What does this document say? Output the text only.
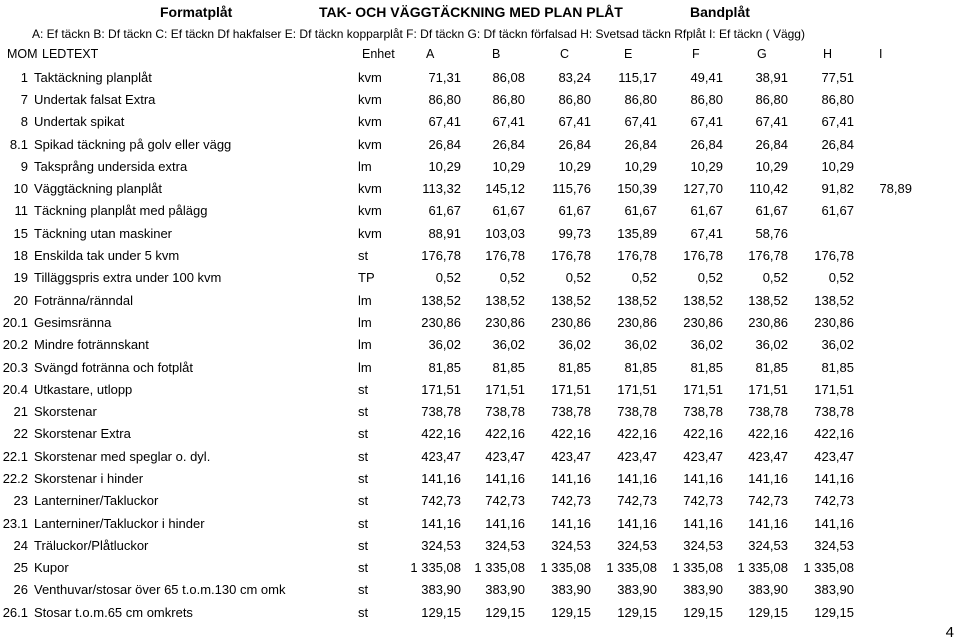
Formatplåt	TAK- OCH VÄGGTÄCKNING MED PLAN PLÅT	Bandplåt
A: Ef täckn B: Df täckn C: Ef täckn Df hakfalser E: Df täckn kopparplåt F: Df täckn G: Df täckn förfalsad H: Svetsad täckn Rfplåt I: Ef täckn ( Vägg)
MOM LEDTEXT	Enhet	A	B	C	E	F	G	H	I
1	Taktäckning planplåt	kvm	71,31	86,08	83,24	115,17	49,41	38,91	77,51		
7	Undertak falsat Extra	kvm	86,80	86,80	86,80	86,80	86,80	86,80	86,80		
8	Undertak spikat	kvm	67,41	67,41	67,41	67,41	67,41	67,41	67,41		
8.1	Spikad täckning på golv eller vägg	kvm	26,84	26,84	26,84	26,84	26,84	26,84	26,84		
9	Taksprång undersida extra	lm	10,29	10,29	10,29	10,29	10,29	10,29	10,29		
10	Väggtäckning planplåt	kvm	113,32	145,12	115,76	150,39	127,70	110,42	91,82	78,89	
11	Täckning planplåt med pålägg	kvm	61,67	61,67	61,67	61,67	61,67	61,67	61,67		
15	Täckning utan maskiner	kvm	88,91	103,03	99,73	135,89	67,41	58,76			
18	Enskilda tak under 5 kvm	st	176,78	176,78	176,78	176,78	176,78	176,78	176,78		
19	Tilläggspris extra under 100 kvm	TP	0,52	0,52	0,52	0,52	0,52	0,52	0,52		
20	Fotränna/ränndal	lm	138,52	138,52	138,52	138,52	138,52	138,52	138,52		
20.1	Gesimsränna	lm	230,86	230,86	230,86	230,86	230,86	230,86	230,86		
20.2	Mindre fotrännskant	lm	36,02	36,02	36,02	36,02	36,02	36,02	36,02		
20.3	Svängd fotränna och fotplåt	lm	81,85	81,85	81,85	81,85	81,85	81,85	81,85		
20.4	Utkastare, utlopp	st	171,51	171,51	171,51	171,51	171,51	171,51	171,51		
21	Skorstenar	st	738,78	738,78	738,78	738,78	738,78	738,78	738,78		
22	Skorstenar Extra	st	422,16	422,16	422,16	422,16	422,16	422,16	422,16		
22.1	Skorstenar med speglar o. dyl.	st	423,47	423,47	423,47	423,47	423,47	423,47	423,47		
22.2	Skorstenar i hinder	st	141,16	141,16	141,16	141,16	141,16	141,16	141,16		
23	Lanterniner/Takluckor	st	742,73	742,73	742,73	742,73	742,73	742,73	742,73		
23.1	Lanterniner/Takluckor i hinder	st	141,16	141,16	141,16	141,16	141,16	141,16	141,16		
24	Träluckor/Plåtluckor	st	324,53	324,53	324,53	324,53	324,53	324,53	324,53		
25	Kupor	st	1 335,08	1 335,08	1 335,08	1 335,08	1 335,08	1 335,08	1 335,08		
26	Venthuvar/stosar över 65 t.o.m.130 cm omk	st	383,90	383,90	383,90	383,90	383,90	383,90	383,90		
26.1	Stosar t.o.m.65 cm omkrets	st	129,15	129,15	129,15	129,15	129,15	129,15	129,15		
4
